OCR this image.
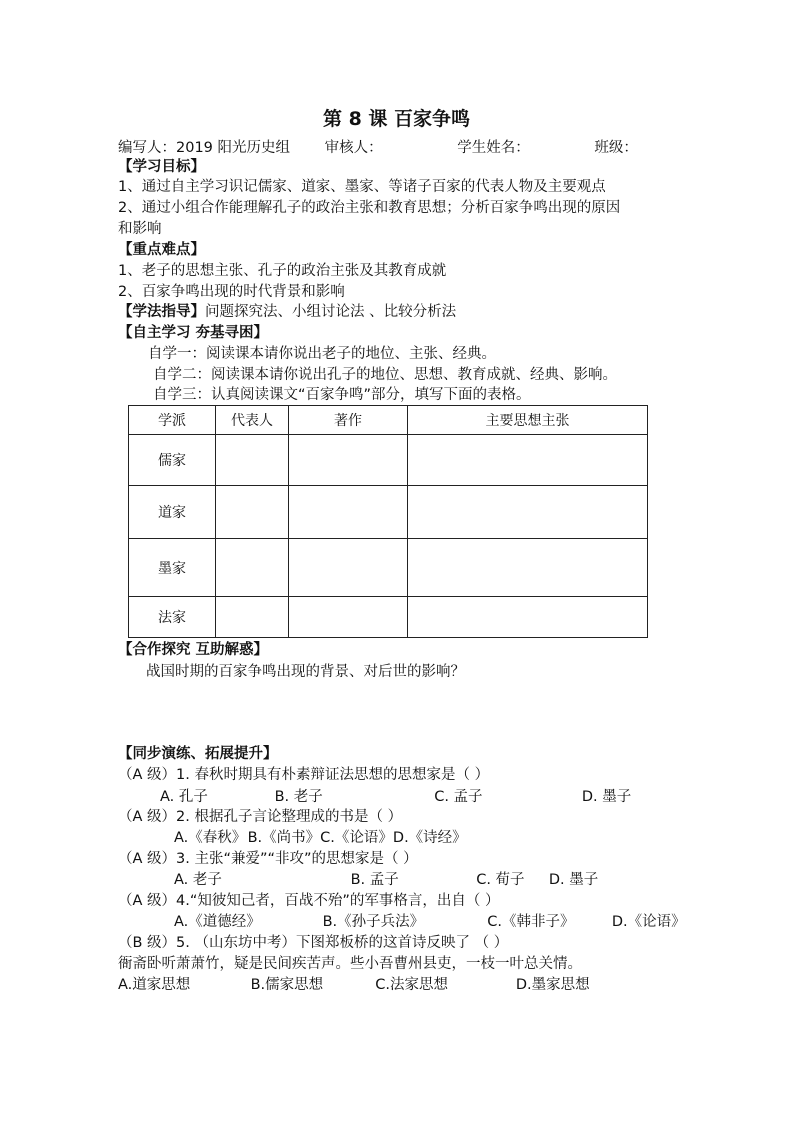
第 8 课 百家争鸣
编写人：2019 阳光历史组 审核人：	学生姓名：	班级：
【学习目标】
1、通过自主学习识记儒家、道家、墨家、等诸子百家的代表人物及主要观点
2、通过小组合作能理解孔子的政治主张和教育思想；分析百家争鸣出现的原因
和影响
【重点难点】
1、老子的思想主张、孔子的政治主张及其教育成就
2、百家争鸣出现的时代背景和影响
【学法指导】问题探究法、小组讨论法 、比较分析法
【自主学习 夯基寻困】
自学一：阅读课本请你说出老子的地位、主张、经典。
自学二：阅读课本请你说出孔子的地位、思想、教育成就、经典、影响。
自学三：认真阅读课文“百家争鸣”部分，填写下面的表格。
学派	代表人	著作	主要思想主张
儒家			
道家			
墨家			
法家			
【合作探究 互助解惑】
战国时期的百家争鸣出现的背景、对后世的影响？
【同步演练、拓展提升】
（A 级）1. 春秋时期具有朴素辩证法思想的思想家是（ ）
A. 孔子	B. 老子	C. 孟子	D. 墨子
（A 级）2. 根据孔子言论整理成的书是（ ）
A.《春秋》 B.《尚书》C.《论语》D.《诗经》
（A 级）3. 主张“兼爱”“非攻”的思想家是（ ）
A. 老子	B. 孟子	C. 荀子 D. 墨子
（A 级）4.“知彼知己者，百战不殆”的军事格言，出自（ ）
A.《道德经》	B.《孙子兵法》	C.《韩非子》	D.《论语》
（B 级）5. （山东坊中考）下图郑板桥的这首诗反映了 （ ）
衙斋卧听萧萧竹，疑是民间疾苦声。些小吾曹州县吏，一枝一叶总关情。
A.道家思想	B.儒家思想	C.法家思想	D.墨家思想
